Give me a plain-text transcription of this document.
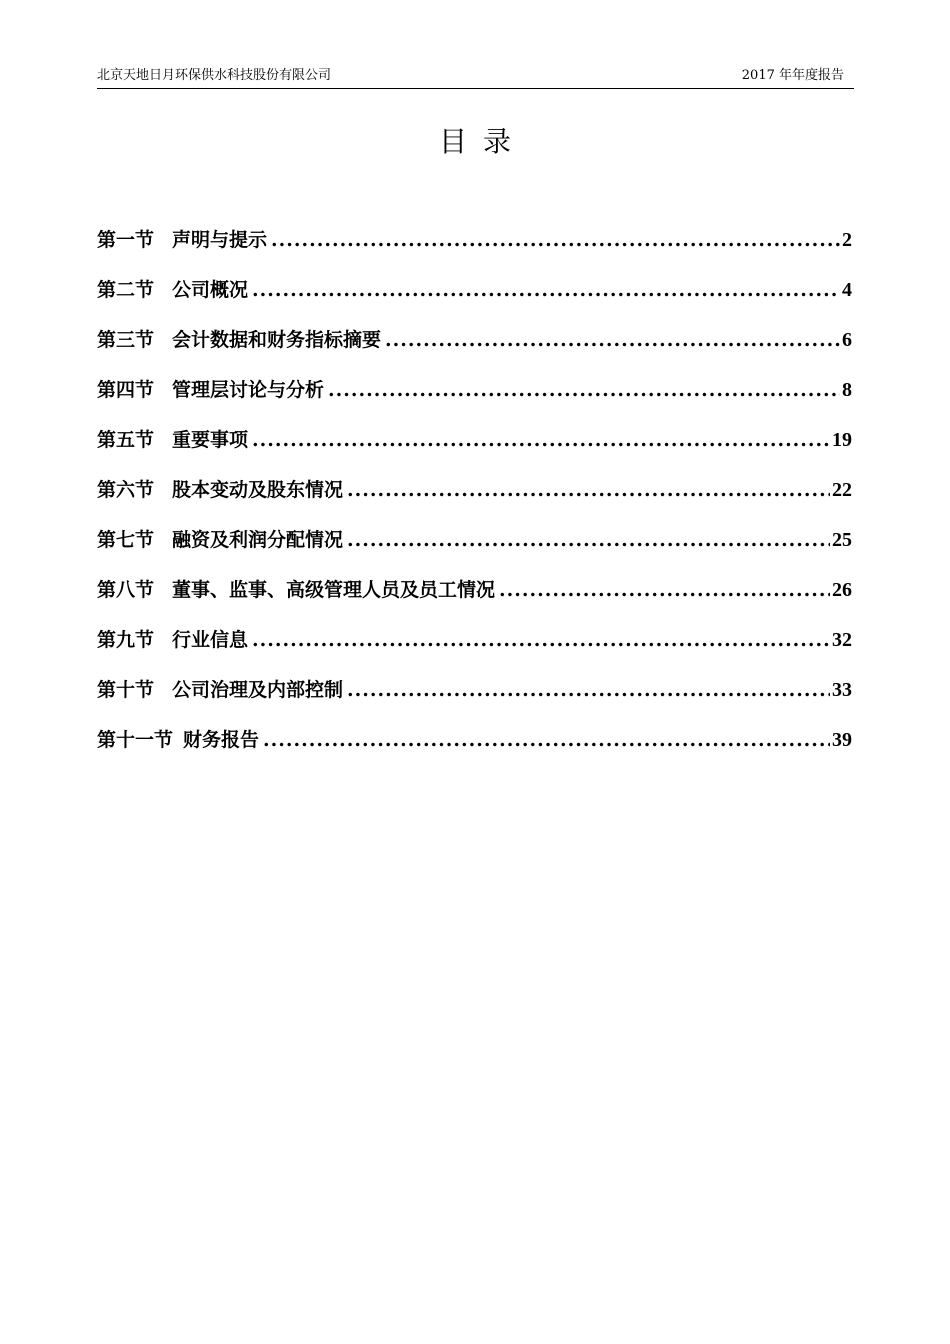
北京天地日月环保供水科技股份有限公司	2017 年年度报告
目录
第一节 声明与提示 .....	2
第二节 公司概况 .....	4
第三节 会计数据和财务指标摘要 .....	6
第四节 管理层讨论与分析 .....	8
第五节 重要事项 .....	19
第六节 股本变动及股东情况 .....	22
第七节 融资及利润分配情况 .....	25
第八节 董事、监事、高级管理人员及员工情况 .....	26
第九节 行业信息 .....	32
第十节 公司治理及内部控制 .....	33
第十一节 财务报告 .....	39
